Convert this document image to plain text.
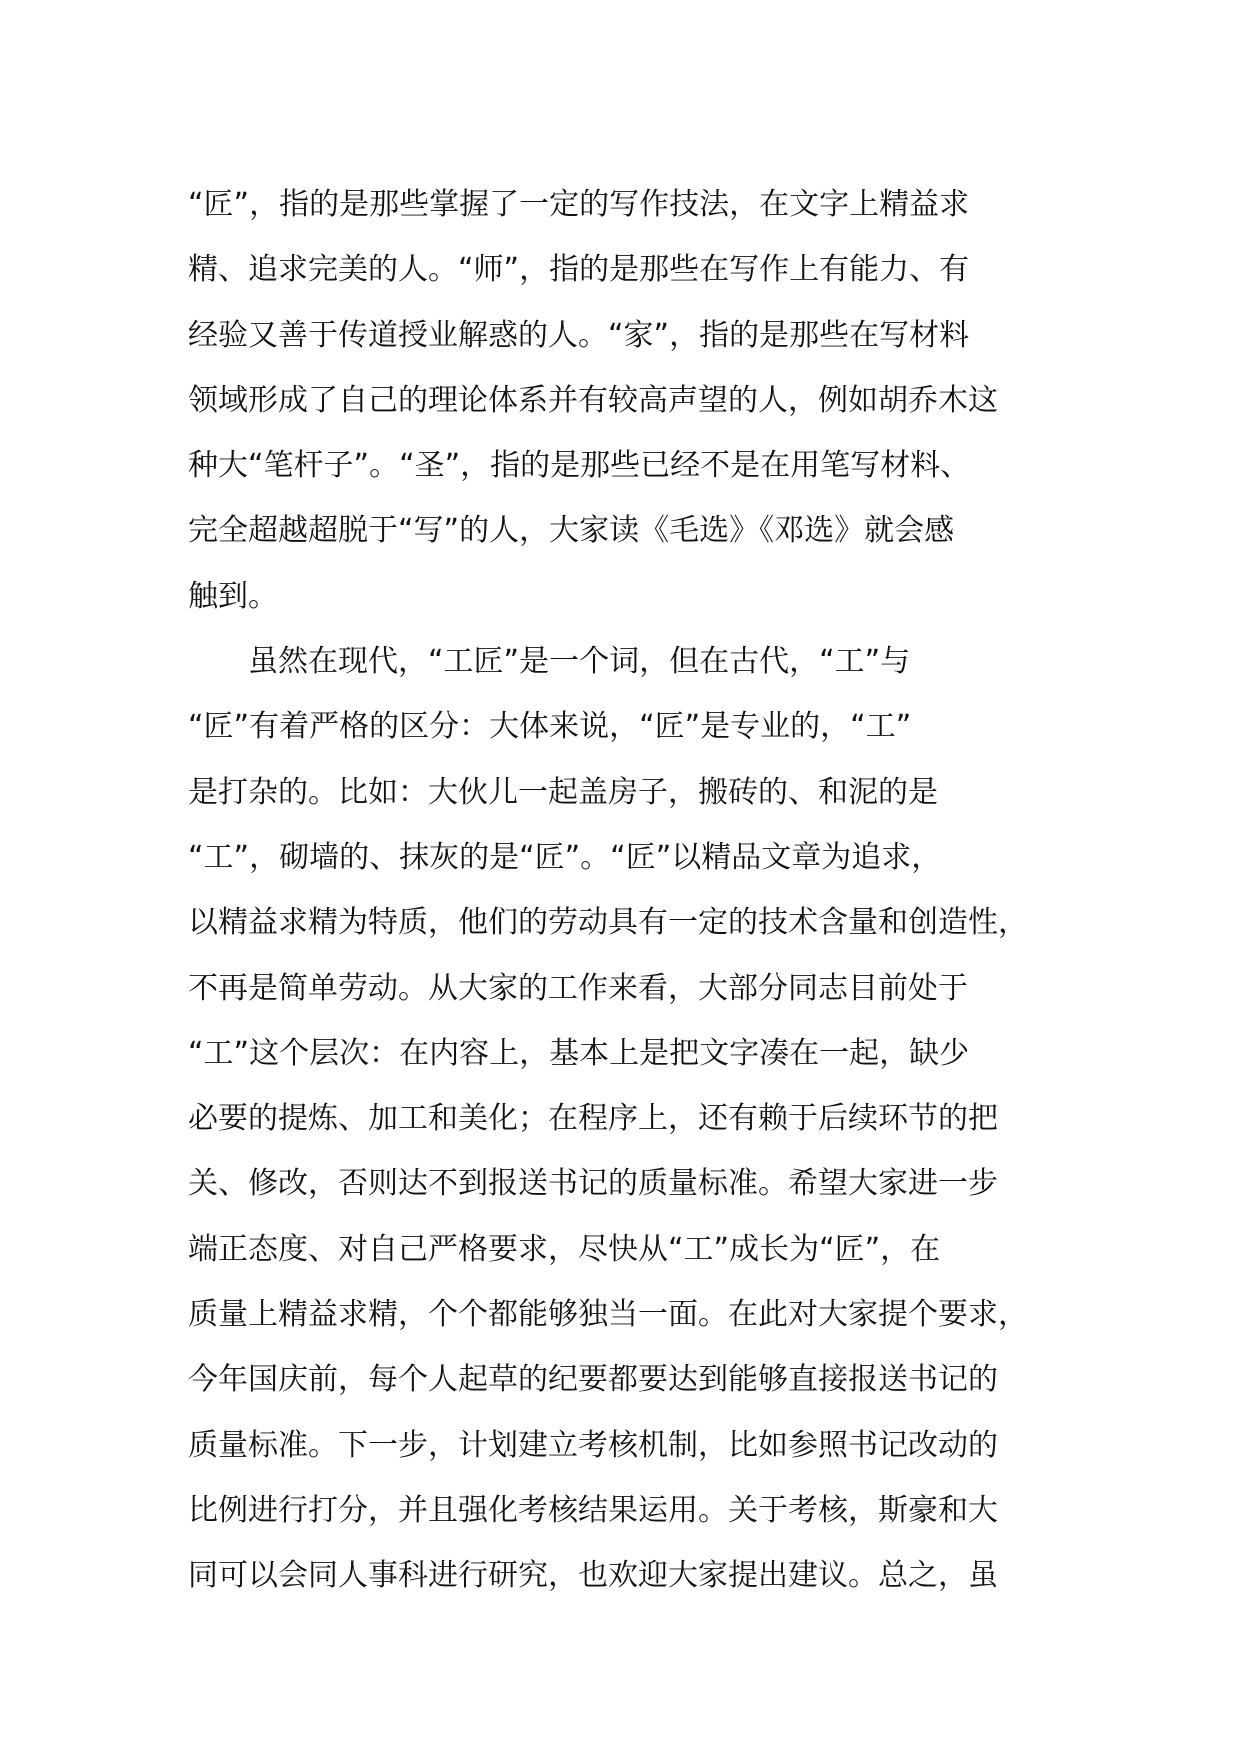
“匠”，指的是那些掌握了一定的写作技法，在文字上精益求
精、追求完美的人。“师”，指的是那些在写作上有能力、有
经验又善于传道授业解惑的人。“家”，指的是那些在写材料
领域形成了自己的理论体系并有较高声望的人，例如胡乔木这
种大“笔杆子”。“圣”，指的是那些已经不是在用笔写材料、
完全超越超脱于“写”的人，大家读《毛选》《邓选》就会感
触到。
　　虽然在现代，“工匠”是一个词，但在古代，“工”与
“匠”有着严格的区分：大体来说，“匠”是专业的，“工”
是打杂的。比如：大伙儿一起盖房子，搬砖的、和泥的是
“工”，砌墙的、抹灰的是“匠”。“匠”以精品文章为追求，
以精益求精为特质，他们的劳动具有一定的技术含量和创造性，
不再是简单劳动。从大家的工作来看，大部分同志目前处于
“工”这个层次：在内容上，基本上是把文字凑在一起，缺少
必要的提炼、加工和美化；在程序上，还有赖于后续环节的把
关、修改，否则达不到报送书记的质量标准。希望大家进一步
端正态度、对自己严格要求，尽快从“工”成长为“匠”，在
质量上精益求精，个个都能够独当一面。在此对大家提个要求，
今年国庆前，每个人起草的纪要都要达到能够直接报送书记的
质量标准。下一步，计划建立考核机制，比如参照书记改动的
比例进行打分，并且强化考核结果运用。关于考核，斯豪和大
同可以会同人事科进行研究，也欢迎大家提出建议。总之，虽
